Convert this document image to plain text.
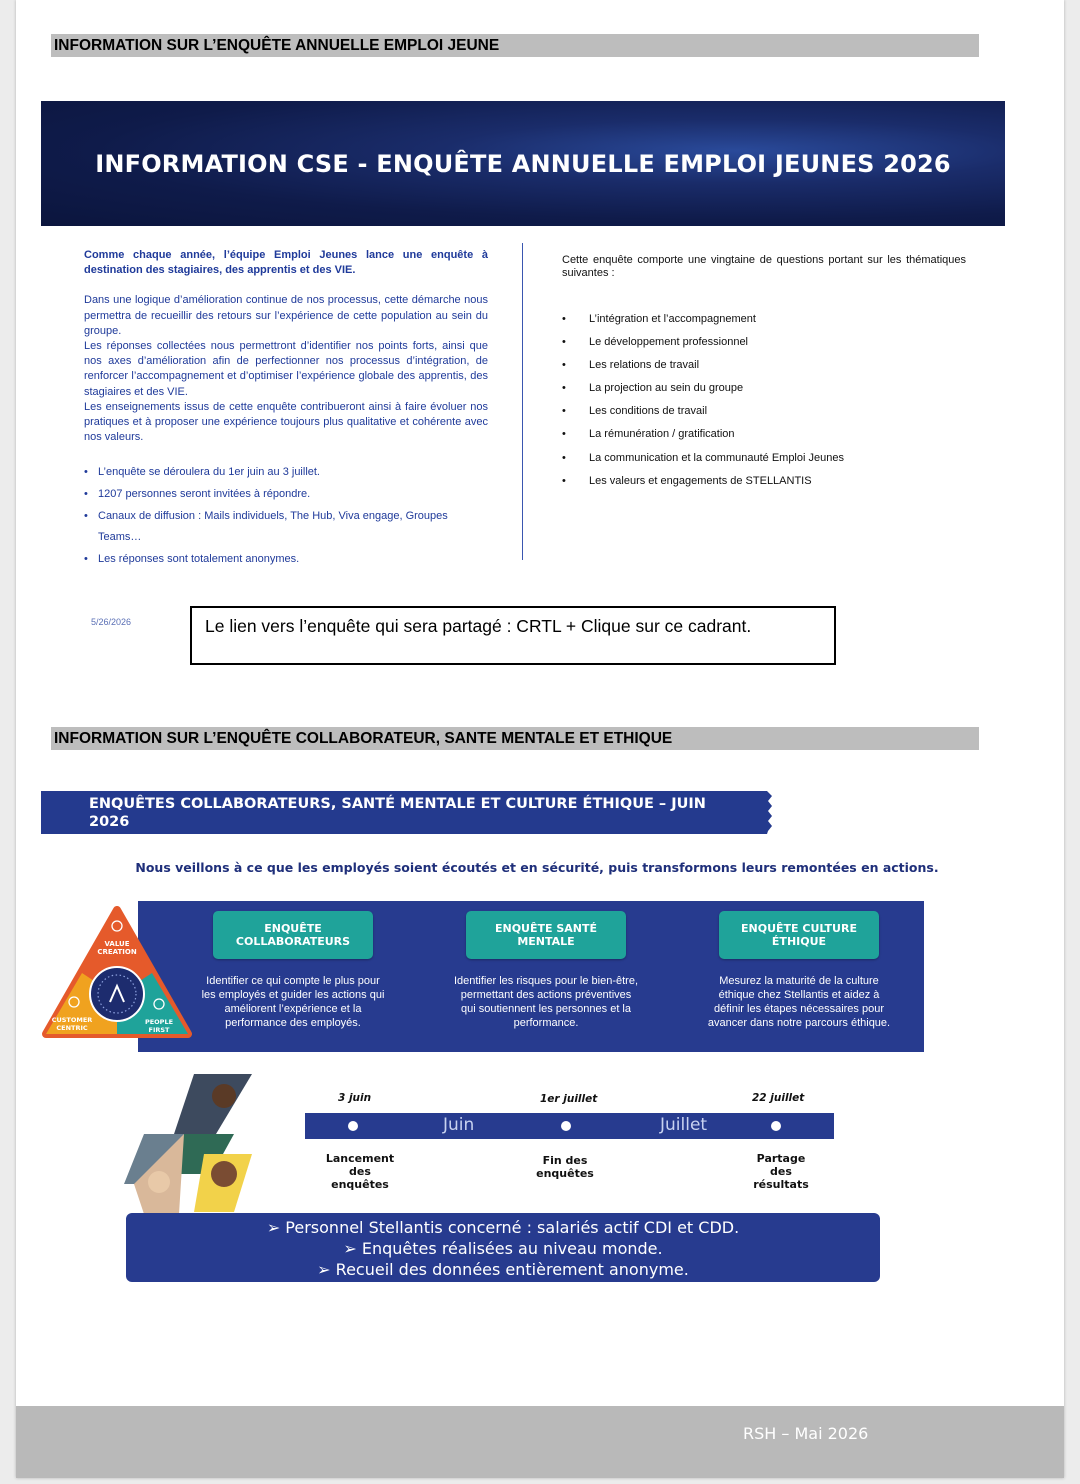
INFORMATION SUR L’ENQUÊTE ANNUELLE EMPLOI JEUNE
INFORMATION CSE - ENQUÊTE ANNUELLE EMPLOI JEUNES 2026

Comme chaque année, l’équipe Emploi Jeunes lance une enquête à destination des stagiaires, des apprentis et des VIE.

Dans une logique d’amélioration continue de nos processus, cette démarche nous permettra de recueillir des retours sur l’expérience de cette population au sein du groupe.

Les réponses collectées nous permettront d’identifier nos points forts, ainsi que nos axes d’amélioration afin de perfectionner nos processus d’intégration, de renforcer l’accompagnement et d’optimiser l’expérience globale des apprentis, des stagiaires et des VIE.

Les enseignements issus de cette enquête contribueront ainsi à faire évoluer nos pratiques et à proposer une expérience toujours plus qualitative et cohérente avec nos valeurs.

• L’enquête se déroulera du 1er juin au 3 juillet.
• 1207 personnes seront invitées à répondre.
• Canaux de diffusion : Mails individuels, The Hub, Viva engage, Groupes Teams…
• Les réponses sont totalement anonymes.
Cette enquête comporte une vingtaine de questions portant sur les thématiques suivantes :
• L’intégration et l’accompagnement
• Le développement professionnel
• Les relations de travail
• La projection au sein du groupe
• Les conditions de travail
• La rémunération / gratification
• La communication et la communauté Emploi Jeunes
• Les valeurs et engagements de STELLANTIS
5/26/2026	Le lien vers l’enquête qui sera partagé : CRTL + Clique sur ce cadrant.
INFORMATION SUR L’ENQUÊTE COLLABORATEUR, SANTE MENTALE ET ETHIQUE
ENQUÊTES COLLABORATEURS, SANTÉ MENTALE ET CULTURE ÉTHIQUE – JUIN
2026
Nous veillons à ce que les employés soient écoutés et en sécurité, puis transformons leurs remontées en actions.
VALUE
CREATION
CUSTOMER
CENTRIC
PEOPLE
FIRST
ENQUÊTE
COLLABORATEURS
Identifier ce qui compte le plus pour les employés et guider les actions qui améliorent l’expérience et la performance des employés.
ENQUÊTE SANTÉ
MENTALE
Identifier les risques pour le bien-être, permettant des actions préventives qui soutiennent les personnes et la performance.
ENQUÊTE CULTURE
ÉTHIQUE
Mesurez la maturité de la culture éthique chez Stellantis et aidez à définir les étapes nécessaires pour avancer dans notre parcours éthique.
3 juin	1er juillet	22 juillet
Juin	Juillet
Lancement
des
enquêtes
Fin des
enquêtes
Partage
des
résultats
➢ Personnel Stellantis concerné : salariés actif CDI et CDD.
➢ Enquêtes réalisées au niveau monde.
➢ Recueil des données entièrement anonyme.
RSH – Mai 2026
